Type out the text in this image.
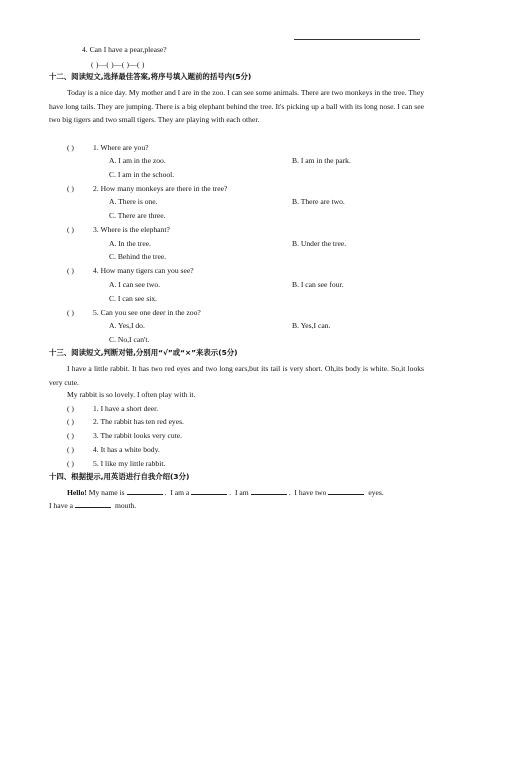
4. Can I have a pear,please?
( )—( )—( )—( )
十二、阅读短文,选择最佳答案,将序号填入题前的括号内(5分)
Today is a nice day. My mother and I are in the zoo. I can see some animals. There are two monkeys in the tree. They have long tails. They are jumping. There is a big elephant behind the tree. It's picking up a ball with its long nose. I can see two big tigers and two small tigers. They are playing with each other.
( )	1. Where are you?
A. I am in the zoo.	B. I am in the park.
C. I am in the school.
( )	2. How many monkeys are there in the tree?
A. There is one.	B. There are two.
C. There are three.
( )	3. Where is the elephant?
A. In the tree.	B. Under the tree.
C. Behind the tree.
( )	4. How many tigers can you see?
A. I can see two.	B. I can see four.
C. I can see six.
( )	5. Can you see one deer in the zoo?
A. Yes,I do.	B. Yes,I can.
C. No,I can't.
十三、阅读短文,判断对错,分别用“√”或“×”来表示(5分)
I have a little rabbit. It has two red eyes and two long ears,but its tail is very short. Oh,its body is white. So,it looks very cute.
My rabbit is so lovely. I often play with it.
( )	1. I have a short deer.
( )	2. The rabbit has ten red eyes.
( )	3. The rabbit looks very cute.
( )	4. It has a white body.
( )	5. I like my little rabbit.
十四、根据提示,用英语进行自我介绍(3分)
Hello! My name is	. I am a	. I am	. I have two	eyes.
I have a	mouth.
